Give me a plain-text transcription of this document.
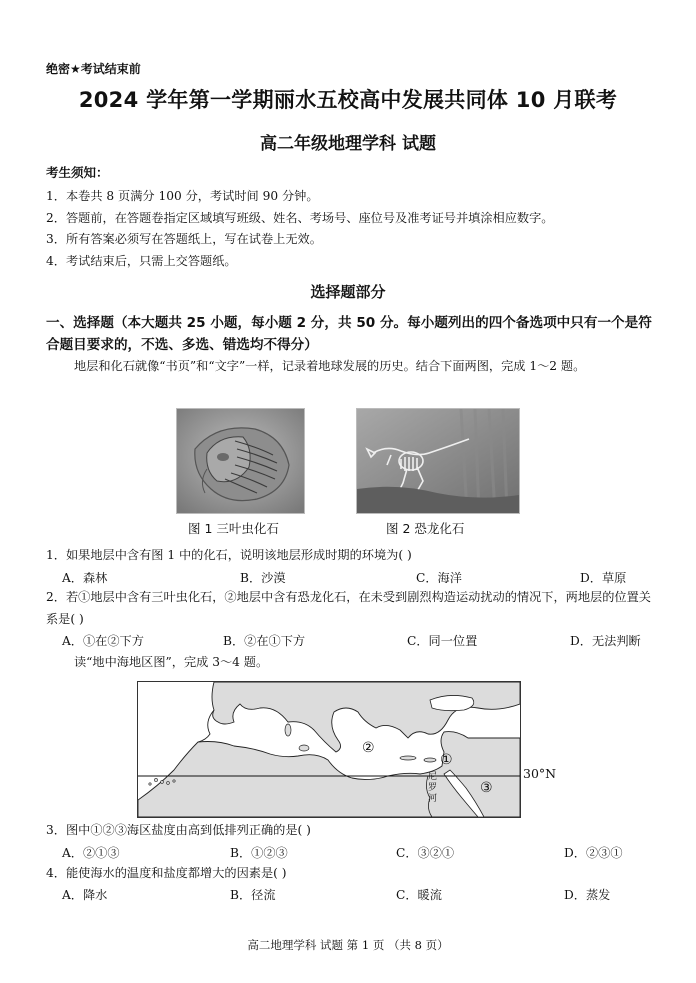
绝密★考试结束前
2024 学年第一学期丽水五校高中发展共同体 10 月联考
高二年级地理学科 试题
考生须知：
1．本卷共 8 页满分 100 分，考试时间 90 分钟。
2．答题前，在答题卷指定区域填写班级、姓名、考场号、座位号及准考证号并填涂相应数字。
3．所有答案必须写在答题纸上，写在试卷上无效。
4．考试结束后，只需上交答题纸。
选择题部分
一、选择题（本大题共 25 小题，每小题 2 分，共 50 分。每小题列出的四个备选项中只有一个是符合题目要求的，不选、多选、错选均不得分）
地层和化石就像“书页”和“文字”一样，记录着地球发展的历史。结合下面两图，完成 1～2 题。
图 1 三叶虫化石	图 2 恐龙化石
1．如果地层中含有图 1 中的化石，说明该地层形成时期的环境为( )
A．森林	B．沙漠	C．海洋	D．草原
2．若①地层中含有三叶虫化石，②地层中含有恐龙化石，在未受到剧烈构造运动扰动的情况下，两地层的位置关系是( )
A．①在②下方	B．②在①下方	C．同一位置	D．无法判断
读“地中海地区图”，完成 3～4 题。
②
①
③
尼罗河
30°N
3．图中①②③海区盐度由高到低排列正确的是( )
A．②①③	B．①②③	C．③②①	D．②③①
4．能使海水的温度和盐度都增大的因素是( )
A．降水	B．径流	C．暖流	D．蒸发
高二地理学科 试题 第 1 页 （共 8 页）
